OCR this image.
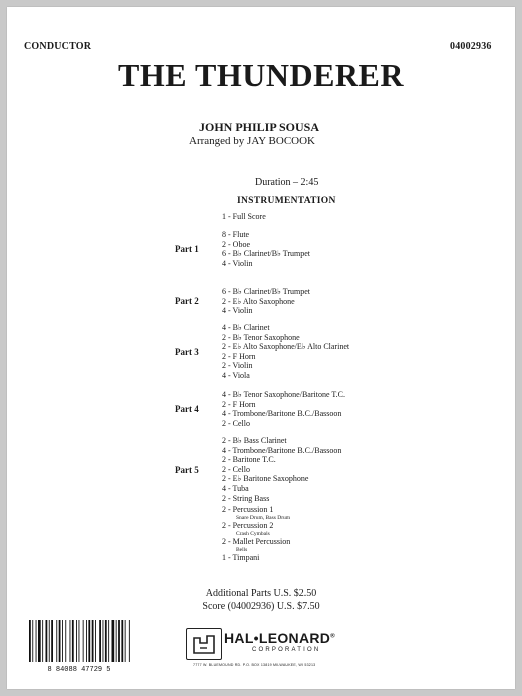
CONDUCTOR	04002936
THE THUNDERER
JOHN PHILIP SOUSA
Arranged by JAY BOCOOK
Duration – 2:45
INSTRUMENTATION
1 - Full Score
Part 1
8 - Flute
2 - Oboe
6 - B♭ Clarinet/B♭ Trumpet
4 - Violin
Part 2
6 - B♭ Clarinet/B♭ Trumpet
2 - E♭ Alto Saxophone
4 - Violin
Part 3
4 - B♭ Clarinet
2 - B♭ Tenor Saxophone
2 - E♭ Alto Saxophone/E♭ Alto Clarinet
2 - F Horn
2 - Violin
4 - Viola
Part 4
4 - B♭ Tenor Saxophone/Baritone T.C.
2 - F Horn
4 - Trombone/Baritone B.C./Bassoon
2 - Cello
Part 5
2 - B♭ Bass Clarinet
4 - Trombone/Baritone B.C./Bassoon
2 - Baritone T.C.
2 - Cello
2 - E♭ Baritone Saxophone
4 - Tuba
2 - String Bass
2 - Percussion 1
Snare Drum, Bass Drum
2 - Percussion 2
Crash Cymbals
2 - Mallet Percussion
Bells
1 - Timpani
Additional Parts U.S. $2.50
Score (04002936) U.S. $7.50
8 84088 47729 5
HAL•LEONARD®
CORPORATION
7777 W. BLUEMOUND RD. P.O. BOX 13819 MILWAUKEE, WI 53213
